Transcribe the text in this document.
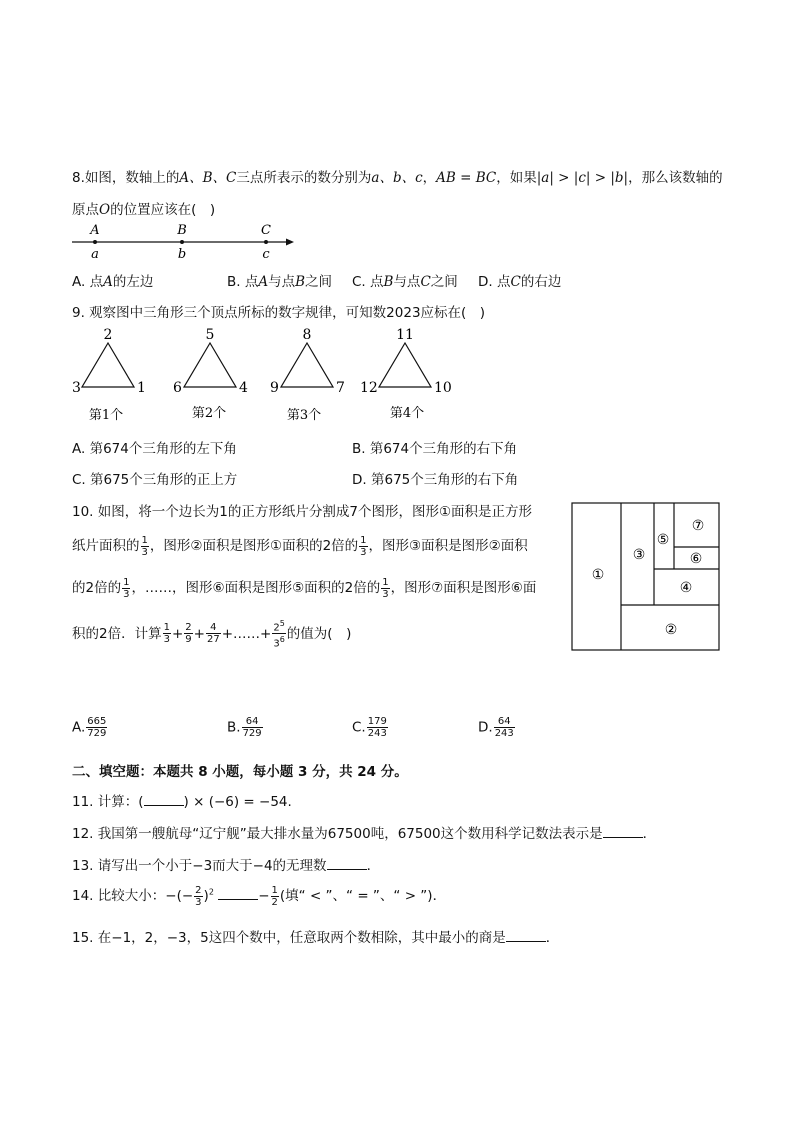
8.如图，数轴上的A、B、C三点所表示的数分别为a、b、c，AB = BC，如果|a| > |c| > |b|，那么该数轴的
原点O的位置应该在(　)
A	B	C
a	b	c
A. 点A的左边	B. 点A与点B之间 C. 点B与点C之间 D. 点C的右边
9. 观察图中三角形三个顶点所标的数字规律，可知数2023应标在(　)
2
3	1
第1个
5
6	4
第2个
8
9	7
第3个
11
12	10
第4个
A. 第674个三角形的左下角	B. 第674个三角形的右下角
C. 第675个三角形的正上方	D. 第675个三角形的右下角
10. 如图，将一个边长为1的正方形纸片分割成7个图形，图形①面积是正方形
纸片面积的 $\frac{1}{3}$ ，图形②面积是图形①面积的2倍的 $\frac{1}{3}$ ，图形③面积是图形②面积
的2倍的 $\frac{1}{3}$ ，……，图形⑥面积是图形⑤面积的2倍的 $\frac{1}{3}$ ，图形⑦面积是图形⑥面
积的2倍．计算 $\frac{1}{3} + \frac{2}{9} + \frac{4}{27}$ +……+ $\frac{2^5}{3^6}$ 的值为(　)
①
②
③
④
⑤
⑥
⑦
A. $\frac{665}{729}$	B. $\frac{64}{729}$	C. $\frac{179}{243}$	D. $\frac{64}{243}$
二、填空题：本题共 8 小题，每小题 3 分，共 24 分。
11. 计算：(	) × (−6) = −54.
12. 我国第一艘航母“辽宁舰”最大排水量为67500吨，67500这个数用科学记数法表示是	．
13. 请写出一个小于−3而大于−4的无理数	．
14. 比较大小：−(− $\frac{2}{3} )^2$	− $\frac{1}{2}$ (填“ < ”、“ = ”、“ > ”)．
15. 在−1，2，−3，5这四个数中，任意取两个数相除，其中最小的商是	．
